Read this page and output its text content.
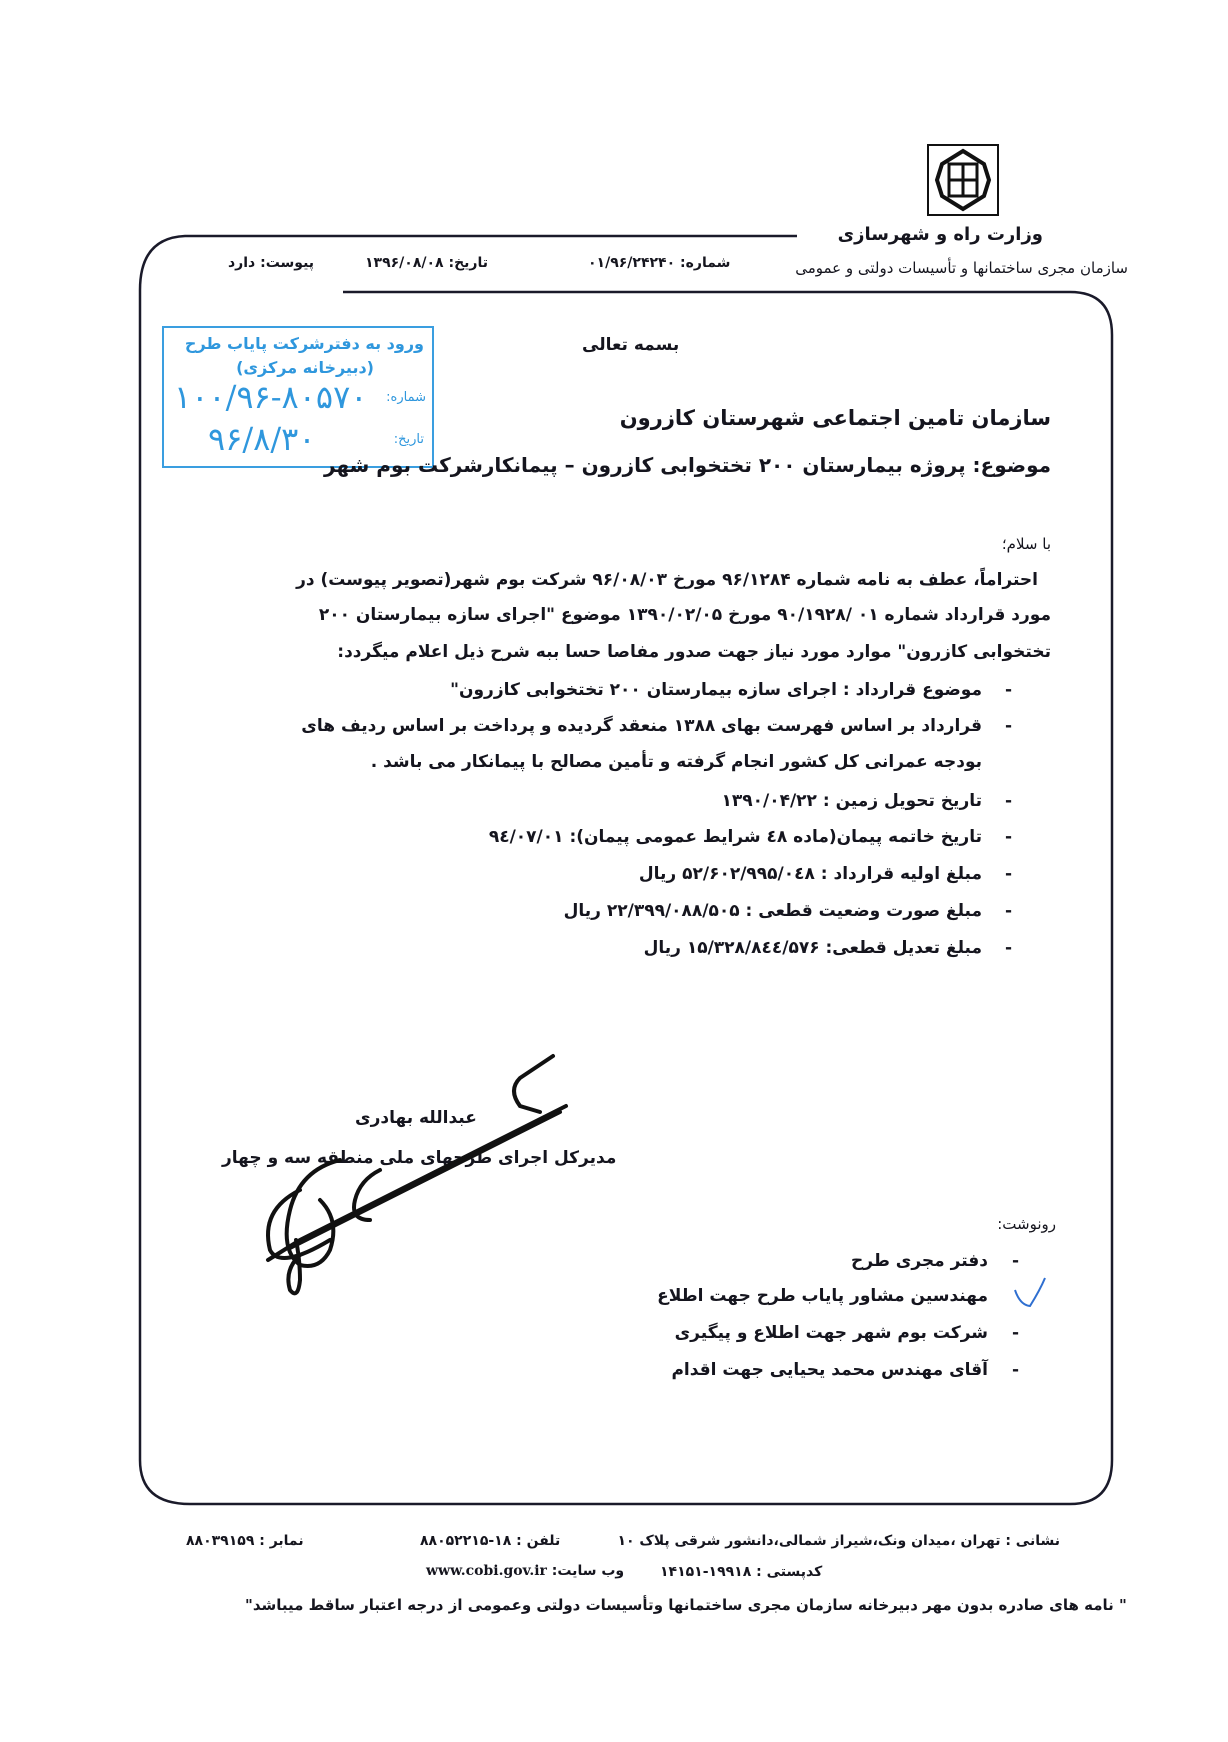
وزارت راه و شهرسازی
سازمان مجری ساختمانها و تأسیسات دولتی و عمومی
شماره: ۰۱/۹۶/۲۴۲۴۰
تاریخ: ۱۳۹۶/۰۸/۰۸
پیوست: دارد
ورود به دفترشرکت پایاب طرح
(دبیرخانه مرکزی)
شماره:
۱۰۰/۹۶-۸۰۵۷۰
تاریخ:
۹۶/۸/۳۰
بسمه تعالی
سازمان تامین اجتماعی شهرستان کازرون
موضوع: پروژه بیمارستان ۲۰۰ تختخوابی کازرون – پیمانکارشرکت بوم شهر
با سلام؛
احتراماً، عطف به نامه شماره ۹۶/۱۲۸۴ مورخ ۹۶/۰۸/۰۳ شرکت بوم شهر(تصویر پیوست) در
مورد قرارداد شماره ۰۱ /۹۰/۱۹۲۸ مورخ ۱۳۹۰/۰۲/۰۵ موضوع "اجرای سازه بیمارستان ۲۰۰
تختخوابی کازرون" موارد مورد نیاز جهت صدور مفاصا حسا ببه شرح ذیل اعلام میگردد:
-
موضوع قرارداد : اجرای سازه بیمارستان ۲۰۰ تختخوابی کازرون"
-
قرارداد بر اساس فهرست بهای ۱۳۸۸ منعقد گردیده و پرداخت بر اساس ردیف های
بودجه عمرانی کل کشور انجام گرفته و تأمین مصالح با پیمانکار می باشد .
-
تاریخ تحویل زمین : ۱۳۹۰/۰۴/۲۲
-
تاریخ خاتمه پیمان(ماده ٤٨ شرایط عمومی پیمان): ۹٤/۰۷/۰۱
-
مبلغ اولیه قرارداد : ۵۲/۶۰۲/۹۹۵/۰٤۸ ریال
-
مبلغ صورت وضعیت قطعی : ۲۲/۳۹۹/۰۸۸/۵۰۵ ریال
-
مبلغ تعدیل قطعی: ۱۵/۳۲۸/۸٤٤/۵۷۶ ریال
عبدالله بهادری
مدیرکل اجرای طرحهای ملی منطقه سه و چهار
رونوشت:
-
دفتر مجری طرح
مهندسین مشاور پایاب طرح جهت اطلاع
-
شرکت بوم شهر جهت اطلاع و پیگیری
-
آقای مهندس محمد یحیایی جهت اقدام
نشانی : تهران ،میدان ونک،شیراز شمالی،دانشور شرقی پلاک ۱۰
تلفن : ۱۸-۸۸۰۵۲۲۱۵
نمابر : ۸۸۰۳۹۱۵۹
کدپستی : ۱۹۹۱۸-۱۴۱۵۱
وب سایت: www.cobi.gov.ir
" نامه های صادره بدون مهر دبیرخانه سازمان مجری ساختمانها وتأسیسات دولتی وعمومی از درجه اعتبار ساقط میباشد"
